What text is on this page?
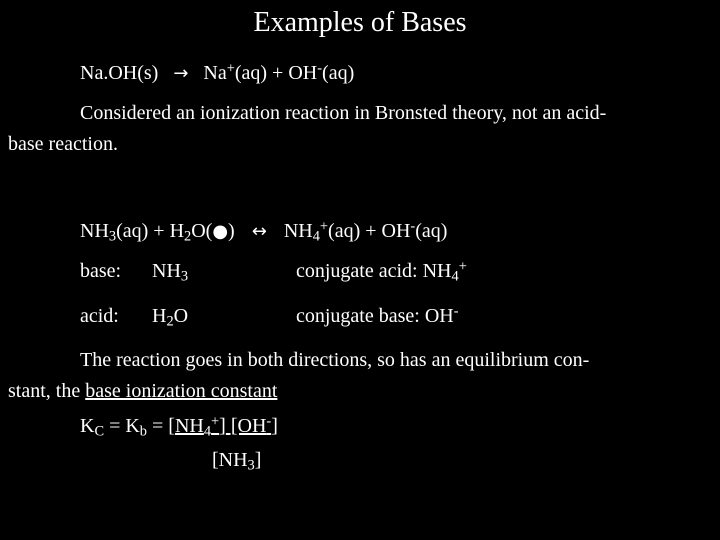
Examples of Bases
Na.OH(s) → Na+(aq) + OH-(aq)
Considered an ionization reaction in Bronsted theory, not an acid-
base reaction.
$NH_3(aq)$ + $H_2O(●)$ ↔ $NH_4^+(aq) + OH^-(aq)$
base: $NH_3$	conjugate acid: $NH_4^+$
acid: $H_2O$	conjugate base: OH-
The reaction goes in both directions, so has an equilibrium con-
stant, the base ionization constant
$K_C = K_b = [NH_4^+]$ [OH-]
$[NH_3]$
